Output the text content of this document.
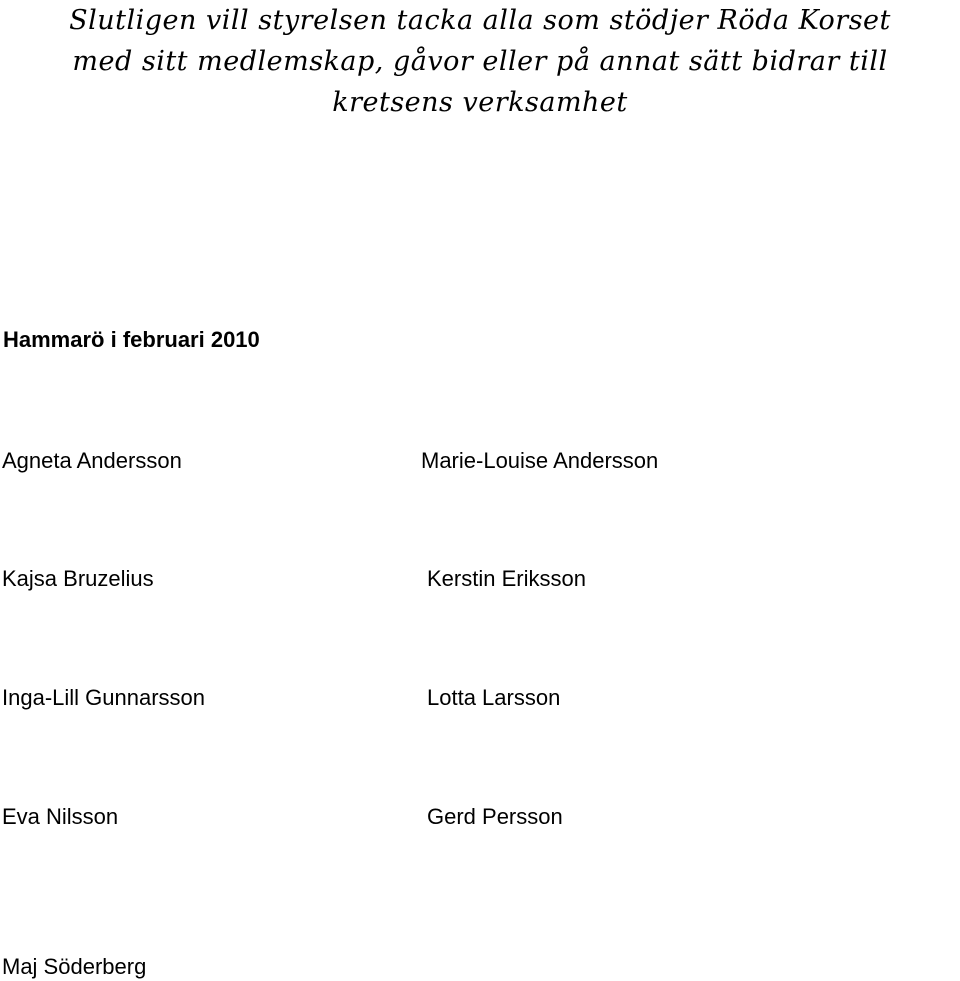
Slutligen vill styrelsen tacka alla som stödjer Röda Korset
med sitt medlemskap, gåvor eller på annat sätt bidrar till
kretsens verksamhet

Hammarö i februari 2010

Agneta Andersson	Marie-Louise Andersson
Kajsa Bruzelius	Kerstin Eriksson
Inga-Lill Gunnarsson	Lotta Larsson
Eva Nilsson	Gerd Persson
Maj Söderberg
